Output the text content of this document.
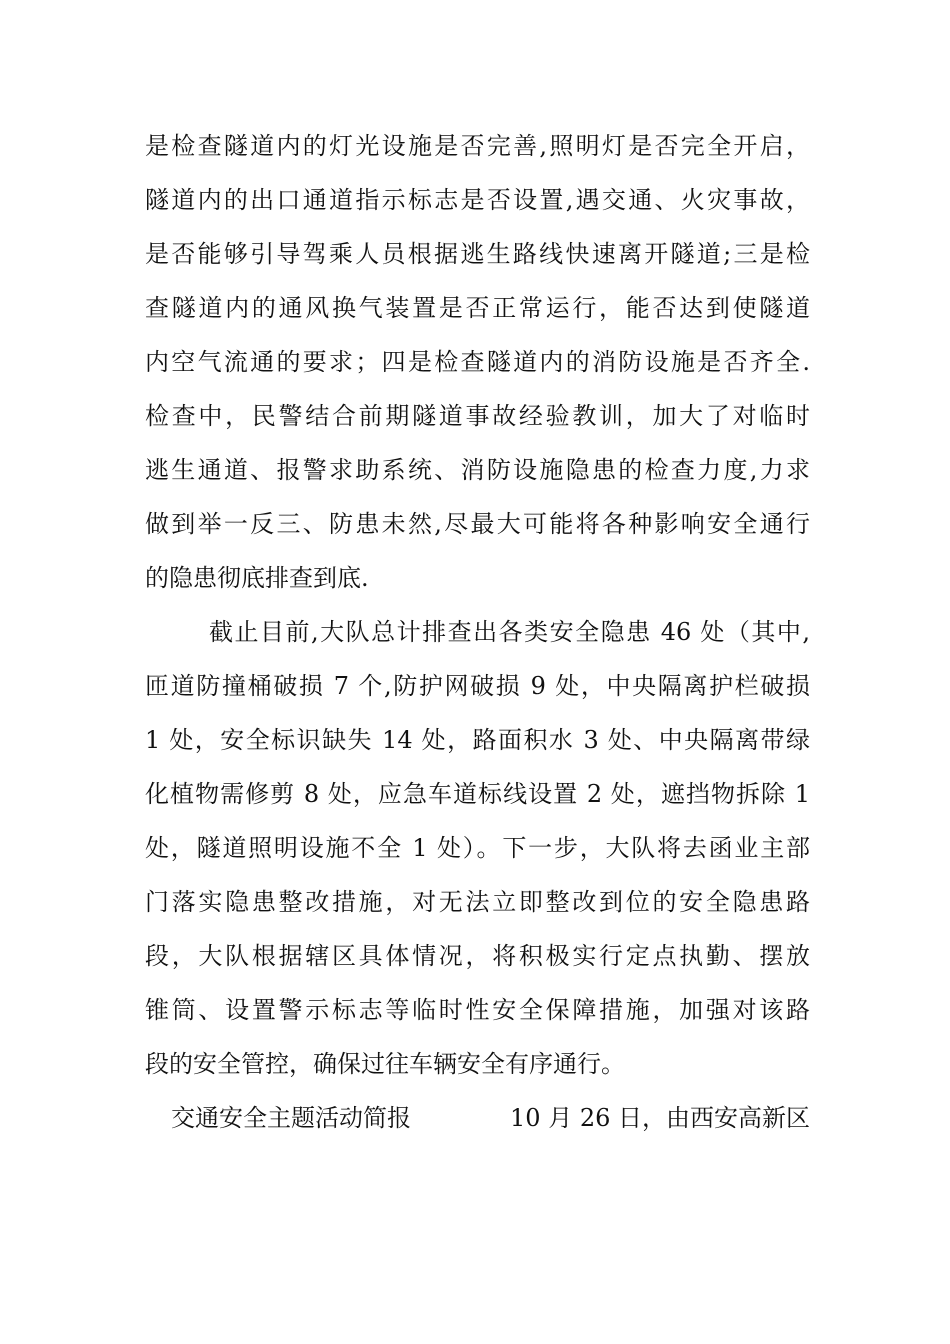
是检查隧道内的灯光设施是否完善,照明灯是否完全开启，
隧道内的出口通道指示标志是否设置,遇交通、火灾事故，
是否能够引导驾乘人员根据逃生路线快速离开隧道;三是检
查隧道内的通风换气装置是否正常运行，能否达到使隧道
内空气流通的要求；四是检查隧道内的消防设施是否齐全.
检查中，民警结合前期隧道事故经验教训，加大了对临时
逃生通道、报警求助系统、消防设施隐患的检查力度,力求
做到举一反三、防患未然,尽最大可能将各种影响安全通行
的隐患彻底排查到底.
截止目前,大队总计排查出各类安全隐患 46 处（其中,
匝道防撞桶破损 7 个,防护网破损 9 处，中央隔离护栏破损
1 处，安全标识缺失 14 处，路面积水 3 处、中央隔离带绿
化植物需修剪 8 处，应急车道标线设置 2 处，遮挡物拆除 1
处，隧道照明设施不全 1 处）。下一步，大队将去函业主部
门落实隐患整改措施，对无法立即整改到位的安全隐患路
段，大队根据辖区具体情况，将积极实行定点执勤、摆放
锥筒、设置警示标志等临时性安全保障措施，加强对该路
段的安全管控，确保过往车辆安全有序通行。
交通安全主题活动简报	10 月 26 日，由西安高新区
